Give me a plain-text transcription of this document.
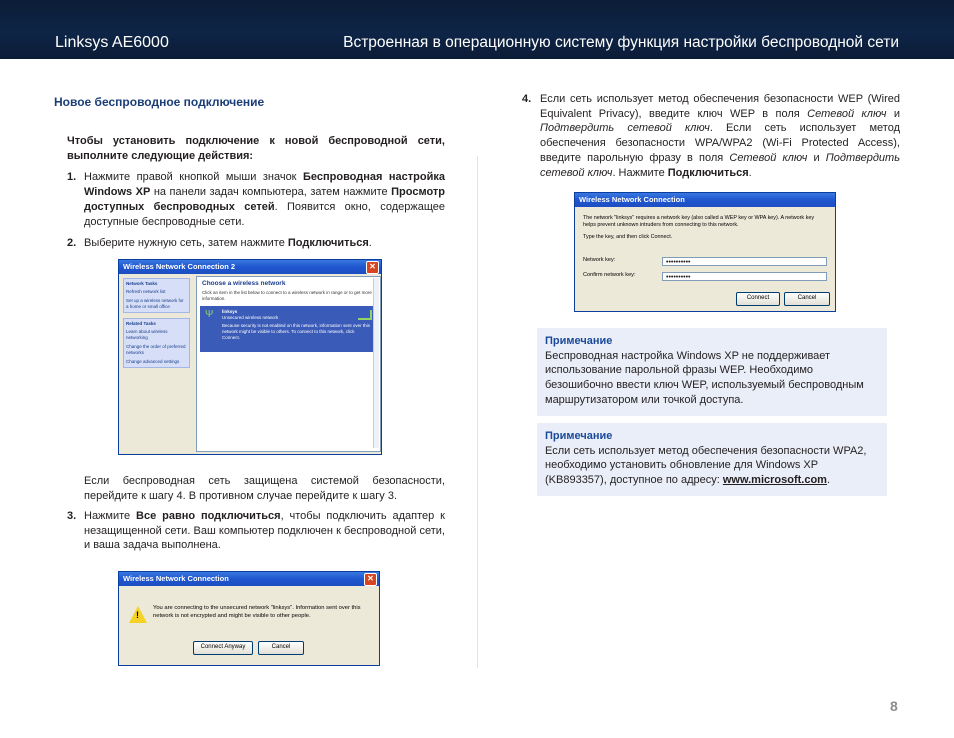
Linksys AE6000	Встроенная в операционную систему функция настройки беспроводной сети
Новое беспроводное подключение

Чтобы установить подключение к новой беспроводной сети, выполните следующие действия:

1. Нажмите правой кнопкой мыши значок Беспроводная настройка Windows XP на панели задач компьютера, затем нажмите Просмотр доступных беспроводных сетей. Появится окно, содержащее доступные беспроводные сети.
2. Выберите нужную сеть, затем нажмите Подключиться.

Если беспроводная сеть защищена системой безопасности, перейдите к шагу 4. В противном случае перейдите к шагу 3.

3. Нажмите Все равно подключиться, чтобы подключить адаптер к незащищенной сети. Ваш компьютер подключен к беспроводной сети, и ваша задача выполнена.
Wireless Network Connection 2	✕
Network Tasks
Refresh network list
Set up a wireless network for a home or small office
Related Tasks
Learn about wireless networking
Change the order of preferred networks
Change advanced settings
Choose a wireless network
Click an item in the list below to connect to a wireless network in range or to get more information.
Ψ	linksys
Unsecured wireless network
Because security is not enabled on this network, information sent over this network might be visible to others. To connect to this network, click Connect.
Wireless Network Connection	✕
!
You are connecting to the unsecured network "linksys". Information sent over this network is not encrypted and might be visible to other people.
Connect Anyway	Cancel
4. Если сеть использует метод обеспечения безопасности WEP (Wired Equivalent Privacy), введите ключ WEP в поля Сетевой ключ и Подтвердить сетевой ключ. Если сеть использует метод обеспечения безопасности WPA/WPA2 (Wi-Fi Protected Access), введите парольную фразу в поля Сетевой ключ и Подтвердить сетевой ключ. Нажмите Подключиться.
Wireless Network Connection
The network "linksys" requires a network key (also called a WEP key or WPA key). A network key helps prevent unknown intruders from connecting to this network.
Type the key, and then click Connect.
Network key:	••••••••••
Confirm network key:	••••••••••
Connect	Cancel
Примечание
Беспроводная настройка Windows XP не поддерживает использование парольной фразы WEP. Необходимо безошибочно ввести ключ WEP, используемый беспроводным маршрутизатором или точкой доступа.
Примечание
Если сеть использует метод обеспечения безопасности WPA2, необходимо установить обновление для Windows XP (KB893357), доступное по адресу: www.microsoft.com.
8
